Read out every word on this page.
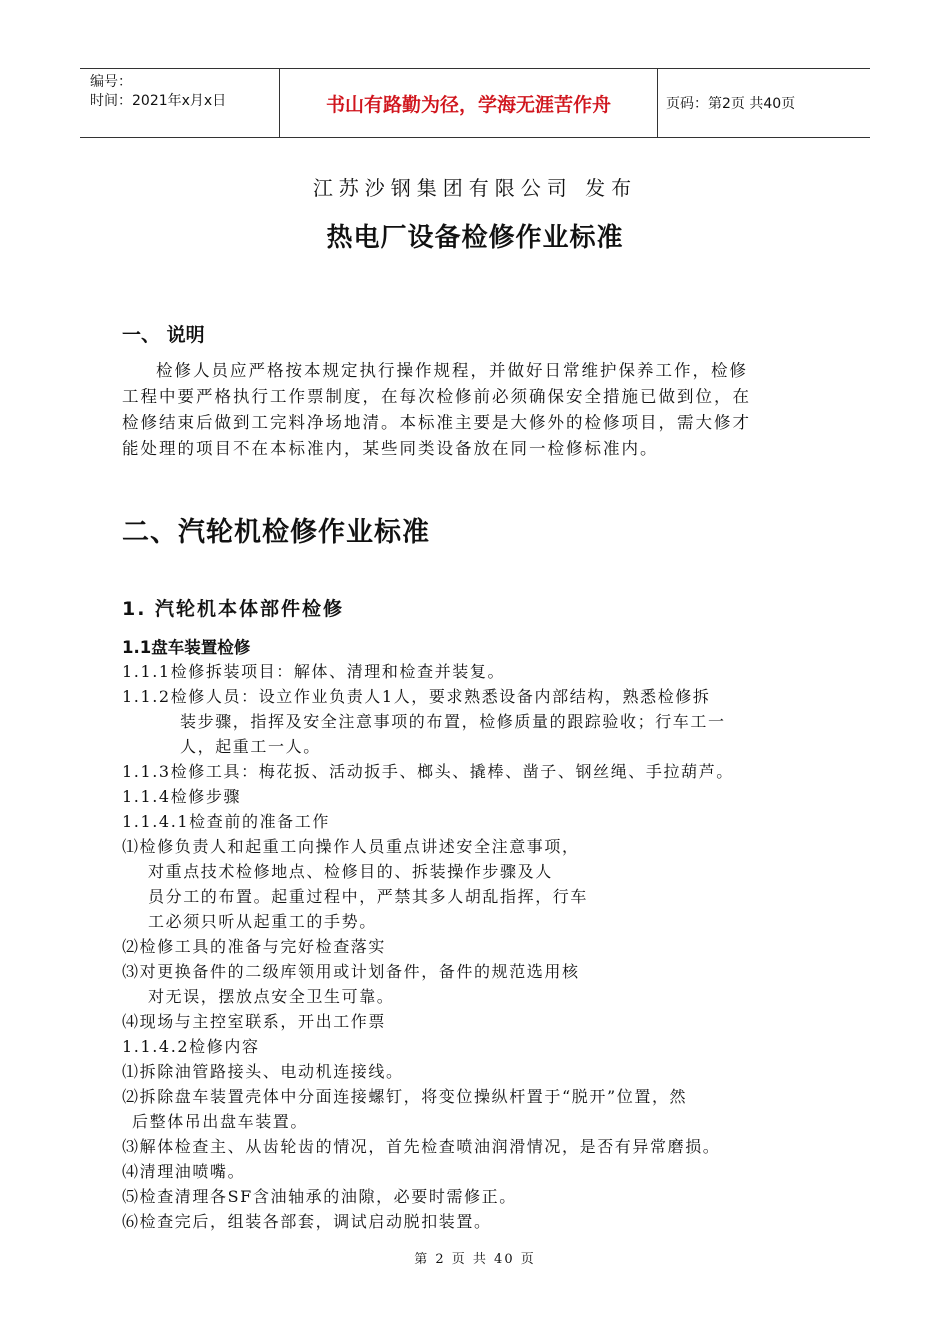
编号：
时间：2021年x月x日	书山有路勤为径，学海无涯苦作舟	页码：第2页 共40页
江苏沙钢集团有限公司 发布
热电厂设备检修作业标准
一、 说明

检修人员应严格按本规定执行操作规程，并做好日常维护保养工作，检修

工程中要严格执行工作票制度，在每次检修前必须确保安全措施已做到位，在

检修结束后做到工完料净场地清。本标准主要是大修外的检修项目，需大修才

能处理的项目不在本标准内，某些同类设备放在同一检修标准内。

二、汽轮机检修作业标准
1. 汽轮机本体部件检修
1.1盘车装置检修
1.1.1检修拆装项目：解体、清理和检查并装复。
1.1.2检修人员：设立作业负责人1人，要求熟悉设备内部结构，熟悉检修拆
装步骤，指挥及安全注意事项的布置，检修质量的跟踪验收；行车工一
人，起重工一人。
1.1.3检修工具：梅花扳、活动扳手、榔头、撬棒、凿子、钢丝绳、手拉葫芦。
1.1.4检修步骤
1.1.4.1检查前的准备工作
⑴检修负责人和起重工向操作人员重点讲述安全注意事项，
对重点技术检修地点、检修目的、拆装操作步骤及人
员分工的布置。起重过程中，严禁其多人胡乱指挥，行车
工必须只听从起重工的手势。
⑵检修工具的准备与完好检查落实
⑶对更换备件的二级库领用或计划备件，备件的规范选用核
对无误，摆放点安全卫生可靠。
⑷现场与主控室联系，开出工作票
1.1.4.2检修内容
⑴拆除油管路接头、电动机连接线。
⑵拆除盘车装置壳体中分面连接螺钉，将变位操纵杆置于“脱开”位置，然
后整体吊出盘车装置。
⑶解体检查主、从齿轮齿的情况，首先检查喷油润滑情况，是否有异常磨损。
⑷清理油喷嘴。
⑸检查清理各SF含油轴承的油隙，必要时需修正。
⑹检查完后，组装各部套，调试启动脱扣装置。
第 2 页 共 40 页
